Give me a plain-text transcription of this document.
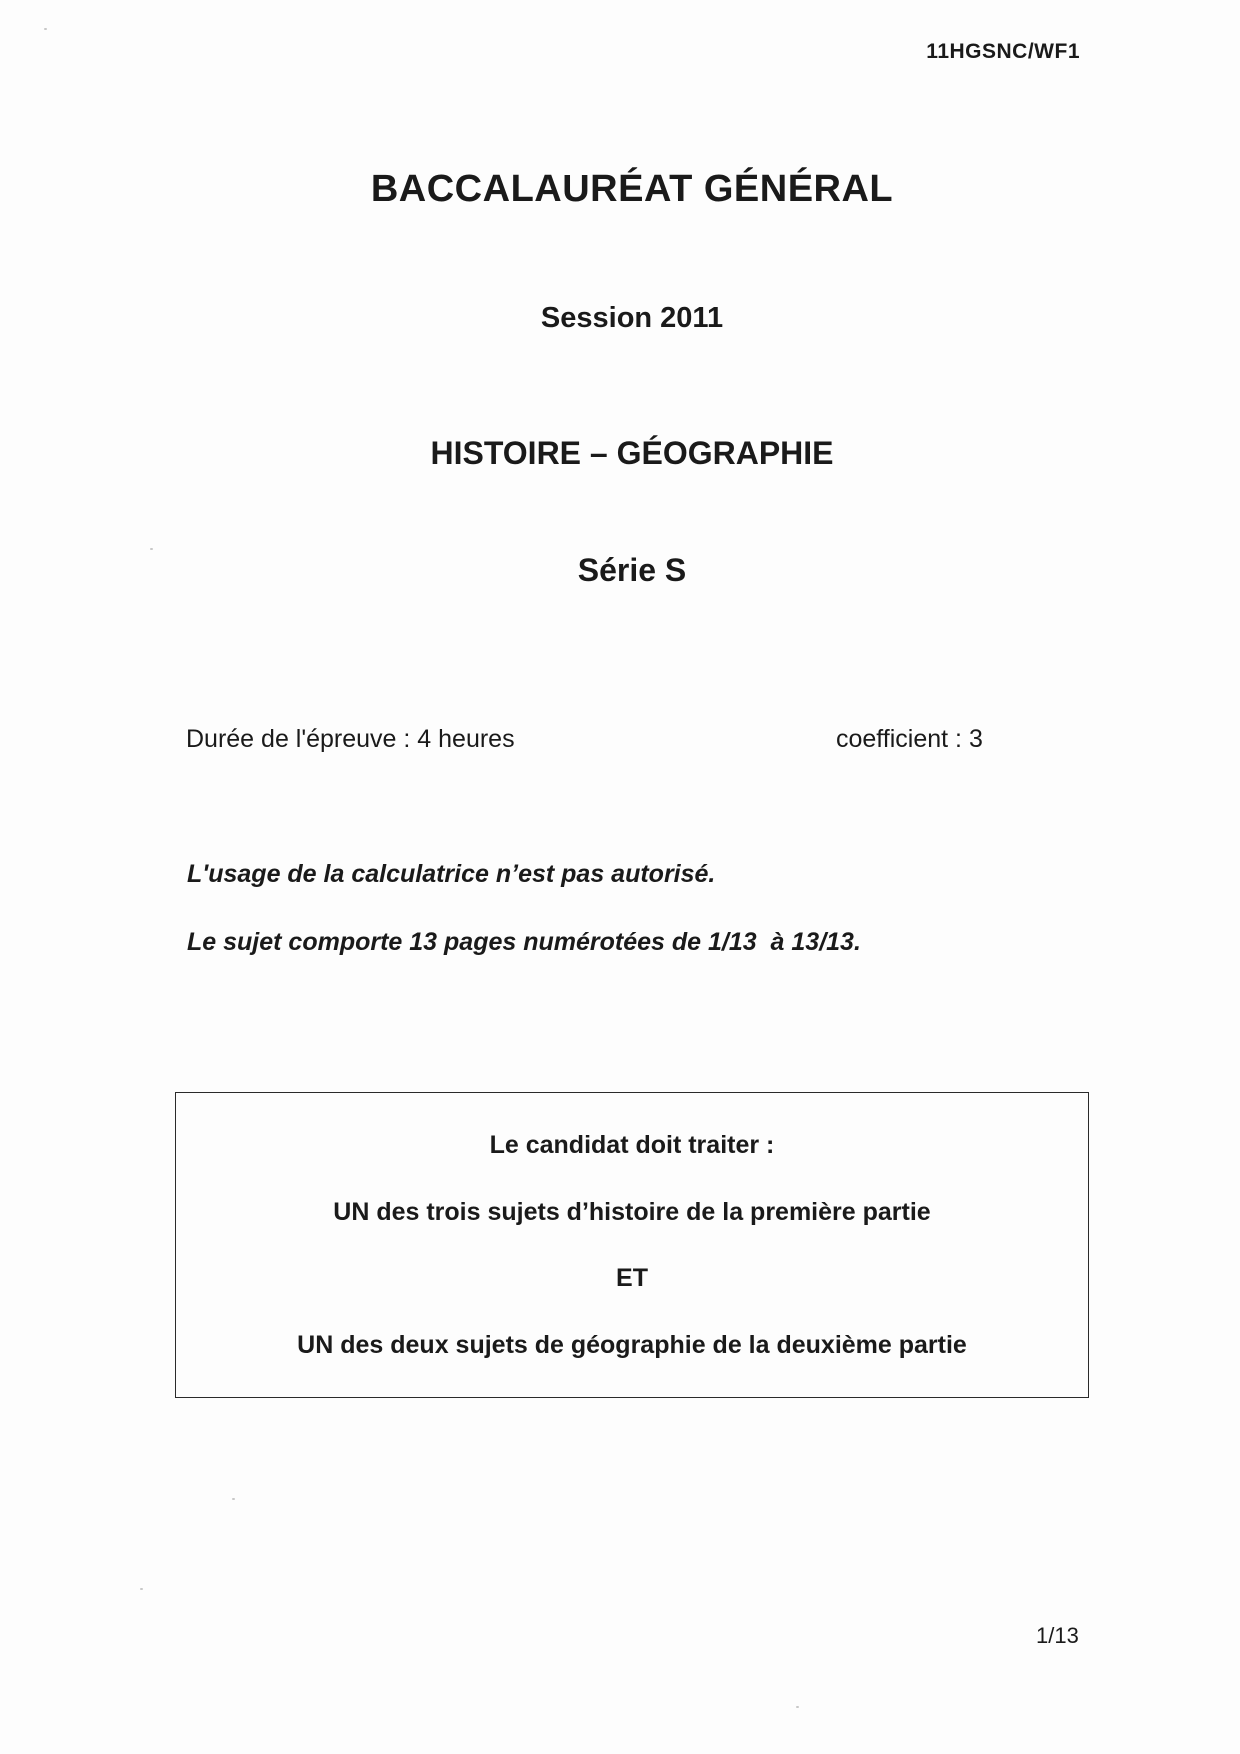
11HGSNC/WF1
BACCALAURÉAT GÉNÉRAL
Session 2011
HISTOIRE – GÉOGRAPHIE
Série S
Durée de l'épreuve : 4 heures	coefficient : 3
L'usage de la calculatrice n’est pas autorisé.
Le sujet comporte 13 pages numérotées de 1/13  à 13/13.
Le candidat doit traiter :
UN des trois sujets d’histoire de la première partie
ET
UN des deux sujets de géographie de la deuxième partie
1/13
